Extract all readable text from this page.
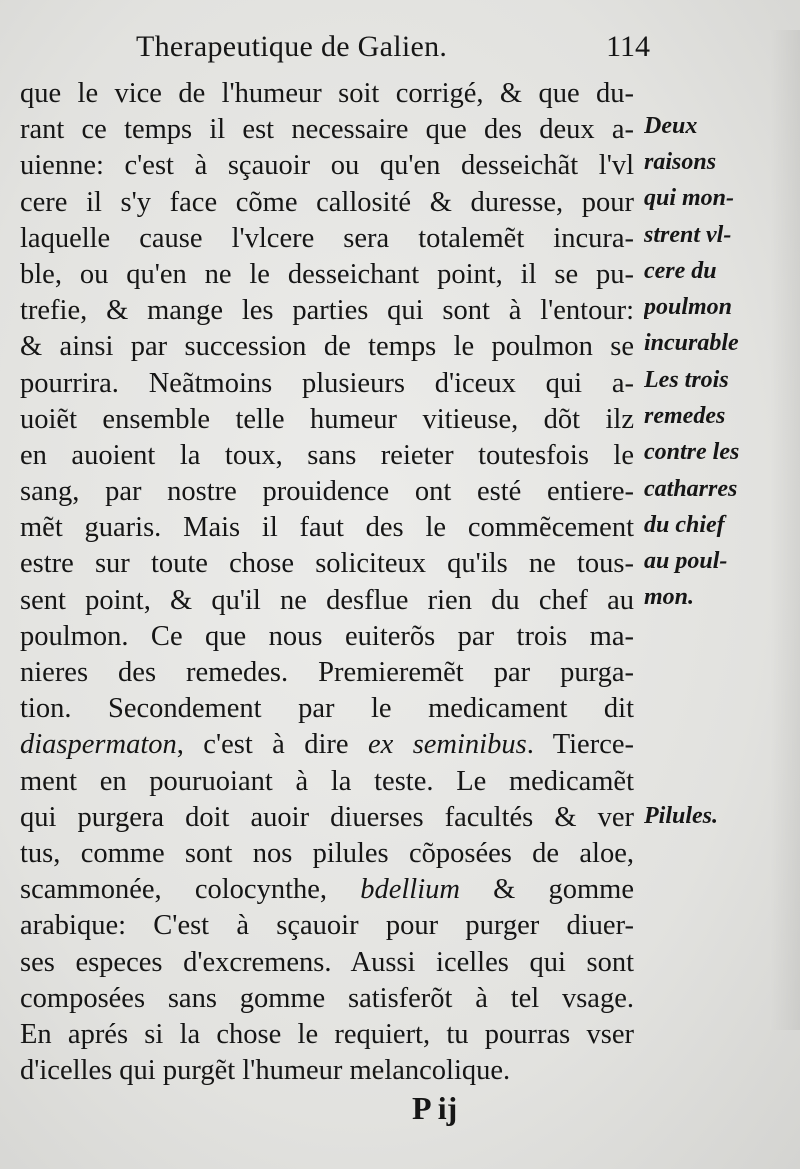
Therapeutique de Galien.	114
que le vice de l'humeur soit corrigé, & que du-
rant ce temps il est necessaire que des deux a-
uienne: c'est à sçauoir ou qu'en desseichãt l'vl
cere il s'y face cõme callosité & duresse, pour
laquelle cause l'vlcere sera totalemẽt incura-
ble, ou qu'en ne le desseichant point, il se pu-
trefie, & mange les parties qui sont à l'entour:
& ainsi par succession de temps le poulmon se
pourrira. Neãtmoins plusieurs d'iceux qui a-
uoiẽt ensemble telle humeur vitieuse, dõt ilz
en auoient la toux, sans reieter toutesfois le
sang, par nostre prouidence ont esté entiere-
mẽt guaris. Mais il faut des le commẽcement
estre sur toute chose soliciteux qu'ils ne tous-
sent point, & qu'il ne desflue rien du chef au
poulmon. Ce que nous euiterõs par trois ma-
nieres des remedes. Premieremẽt par purga-
tion. Secondement par le medicament dit
diaspermaton, c'est à dire ex seminibus. Tierce-
ment en pouruoiant à la teste. Le medicamẽt
qui purgera doit auoir diuerses facultés & ver
tus, comme sont nos pilules cõposées de aloe,
scammonée, colocynthe, bdellium & gomme
arabique: C'est à sçauoir pour purger diuer-
ses especes d'excremens. Aussi icelles qui sont
composées sans gomme satisferõt à tel vsage.
En aprés si la chose le requiert, tu pourras vser
d'icelles qui purgẽt l'humeur melancolique.
Deux
raisons
qui mon-
strent vl-
cere du
poulmon
incurable
Les trois
remedes
contre les
catharres
du chief
au poul-
mon.
Pilules.
P ij
